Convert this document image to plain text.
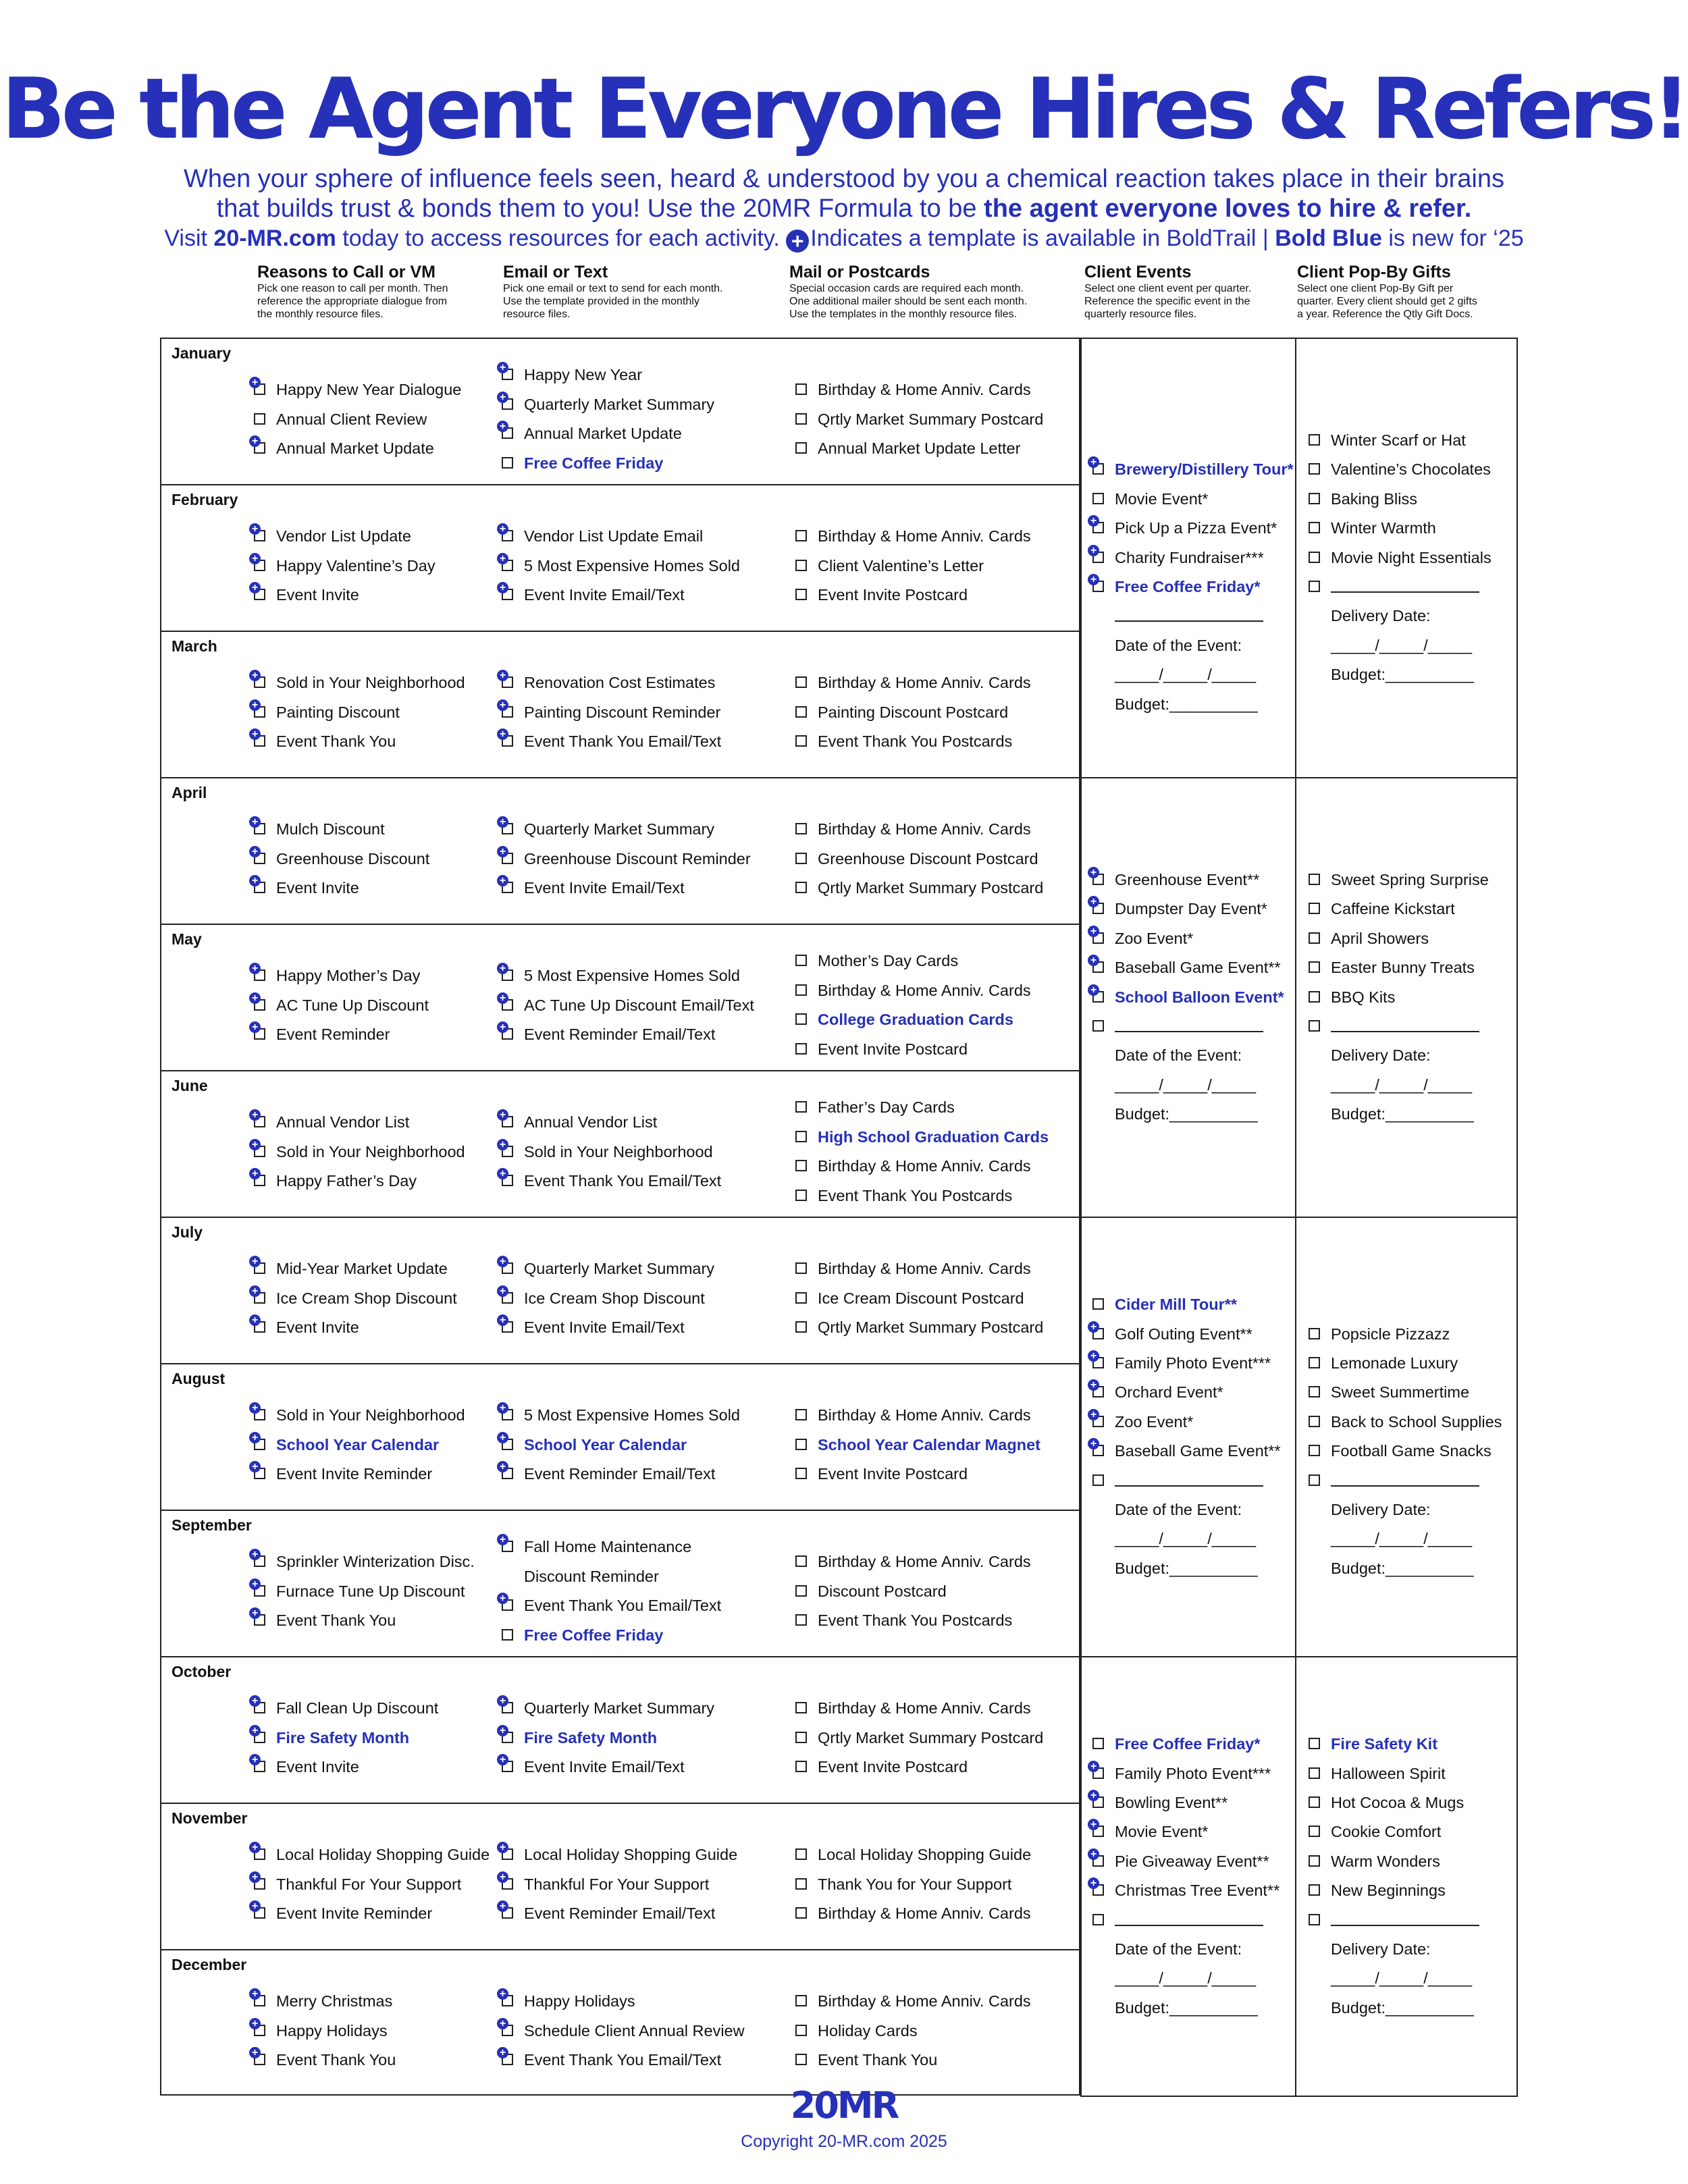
Be the Agent Everyone Hires & Refers!
When your sphere of influence feels seen, heard & understood by you a chemical reaction takes place in their brains
that builds trust & bonds them to you! Use the 20MR Formula to be the agent everyone loves to hire & refer.
Visit 20-MR.com today to access resources for each activity. + Indicates a template is available in BoldTrail | Bold Blue is new for ‘25
Reasons to Call or VM
Pick one reason to call per month. Then
reference the appropriate dialogue from
the monthly resource files.
Email or Text
Pick one email or text to send for each month.
Use the template provided in the monthly
resource files.
Mail or Postcards
Special occasion cards are required each month.
One additional mailer should be sent each month.
Use the templates in the monthly resource files.
Client Events
Select one client event per quarter.
Reference the specific event in the
quarterly resource files.
Client Pop-By Gifts
Select one client Pop-By Gift per
quarter. Every client should get 2 gifts
a year. Reference the Qtly Gift Docs.
January
+ Happy New Year Dialogue
Annual Client Review
+ Annual Market Update
+ Happy New Year
+ Quarterly Market Summary
+ Annual Market Update
Free Coffee Friday
Birthday & Home Anniv. Cards
Qrtly Market Summary Postcard
Annual Market Update Letter
February
+ Vendor List Update
+ Happy Valentine’s Day
+ Event Invite
+ Vendor List Update Email
+ 5 Most Expensive Homes Sold
+ Event Invite Email/Text
Birthday & Home Anniv. Cards
Client Valentine’s Letter
Event Invite Postcard
March
+ Sold in Your Neighborhood
+ Painting Discount
+ Event Thank You
+ Renovation Cost Estimates
+ Painting Discount Reminder
+ Event Thank You Email/Text
Birthday & Home Anniv. Cards
Painting Discount Postcard
Event Thank You Postcards
April
+ Mulch Discount
+ Greenhouse Discount
+ Event Invite
+ Quarterly Market Summary
+ Greenhouse Discount Reminder
+ Event Invite Email/Text
Birthday & Home Anniv. Cards
Greenhouse Discount Postcard
Qrtly Market Summary Postcard
May
+ Happy Mother’s Day
+ AC Tune Up Discount
+ Event Reminder
+ 5 Most Expensive Homes Sold
+ AC Tune Up Discount Email/Text
+ Event Reminder Email/Text
Mother’s Day Cards
Birthday & Home Anniv. Cards
College Graduation Cards
Event Invite Postcard
June
+ Annual Vendor List
+ Sold in Your Neighborhood
+ Happy Father’s Day
+ Annual Vendor List
+ Sold in Your Neighborhood
+ Event Thank You Email/Text
Father’s Day Cards
High School Graduation Cards
Birthday & Home Anniv. Cards
Event Thank You Postcards
July
+ Mid-Year Market Update
+ Ice Cream Shop Discount
+ Event Invite
+ Quarterly Market Summary
+ Ice Cream Shop Discount
+ Event Invite Email/Text
Birthday & Home Anniv. Cards
Ice Cream Discount Postcard
Qrtly Market Summary Postcard
August
+ Sold in Your Neighborhood
+ School Year Calendar
+ Event Invite Reminder
+ 5 Most Expensive Homes Sold
+ School Year Calendar
+ Event Reminder Email/Text
Birthday & Home Anniv. Cards
School Year Calendar Magnet
Event Invite Postcard
September
+ Sprinkler Winterization Disc.
+ Furnace Tune Up Discount
+ Event Thank You
+ Fall Home Maintenance
Discount Reminder
+ Event Thank You Email/Text
Free Coffee Friday
Birthday & Home Anniv. Cards
Discount Postcard
Event Thank You Postcards
October
+ Fall Clean Up Discount
+ Fire Safety Month
+ Event Invite
+ Quarterly Market Summary
+ Fire Safety Month
+ Event Invite Email/Text
Birthday & Home Anniv. Cards
Qrtly Market Summary Postcard
Event Invite Postcard
November
+ Local Holiday Shopping Guide
+ Thankful For Your Support
+ Event Invite Reminder
+ Local Holiday Shopping Guide
+ Thankful For Your Support
+ Event Reminder Email/Text
Local Holiday Shopping Guide
Thank You for Your Support
Birthday & Home Anniv. Cards
December
+ Merry Christmas
+ Happy Holidays
+ Event Thank You
+ Happy Holidays
+ Schedule Client Annual Review
+ Event Thank You Email/Text
Birthday & Home Anniv. Cards
Holiday Cards
Event Thank You
+ Brewery/Distillery Tour*
Movie Event*
+ Pick Up a Pizza Event*
+ Charity Fundraiser***
+ Free Coffee Friday*
Date of the Event:
_____/_____/_____
Budget:__________
Winter Scarf or Hat
Valentine’s Chocolates
Baking Bliss
Winter Warmth
Movie Night Essentials
Delivery Date:
_____/_____/_____
Budget:__________
+ Greenhouse Event**
+ Dumpster Day Event*
+ Zoo Event*
+ Baseball Game Event**
+ School Balloon Event*
Date of the Event:
_____/_____/_____
Budget:__________
Sweet Spring Surprise
Caffeine Kickstart
April Showers
Easter Bunny Treats
BBQ Kits
Delivery Date:
_____/_____/_____
Budget:__________
Cider Mill Tour**
+ Golf Outing Event**
+ Family Photo Event***
+ Orchard Event*
+ Zoo Event*
+ Baseball Game Event**
Date of the Event:
_____/_____/_____
Budget:__________
Popsicle Pizzazz
Lemonade Luxury
Sweet Summertime
Back to School Supplies
Football Game Snacks
Delivery Date:
_____/_____/_____
Budget:__________
Free Coffee Friday*
+ Family Photo Event***
+ Bowling Event**
+ Movie Event*
+ Pie Giveaway Event**
+ Christmas Tree Event**
Date of the Event:
_____/_____/_____
Budget:__________
Fire Safety Kit
Halloween Spirit
Hot Cocoa & Mugs
Cookie Comfort
Warm Wonders
New Beginnings
Delivery Date:
_____/_____/_____
Budget:__________
20MR
Copyright 20-MR.com 2025
